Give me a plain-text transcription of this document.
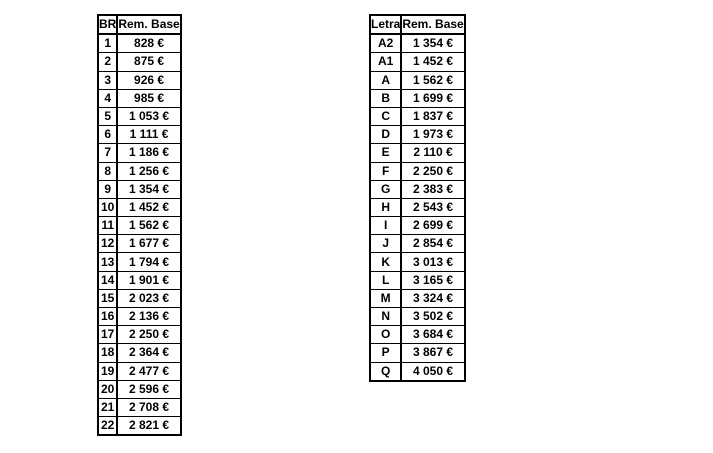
BR	Rem. Base
1	828 €
2	875 €
3	926 €
4	985 €
5	1 053 €
6	1 111 €
7	1 186 €
8	1 256 €
9	1 354 €
10	1 452 €
11	1 562 €
12	1 677 €
13	1 794 €
14	1 901 €
15	2 023 €
16	2 136 €
17	2 250 €
18	2 364 €
19	2 477 €
20	2 596 €
21	2 708 €
22	2 821 €
Letra	Rem. Base
A2	1 354 €
A1	1 452 €
A	1 562 €
B	1 699 €
C	1 837 €
D	1 973 €
E	2 110 €
F	2 250 €
G	2 383 €
H	2 543 €
I	2 699 €
J	2 854 €
K	3 013 €
L	3 165 €
M	3 324 €
N	3 502 €
O	3 684 €
P	3 867 €
Q	4 050 €
